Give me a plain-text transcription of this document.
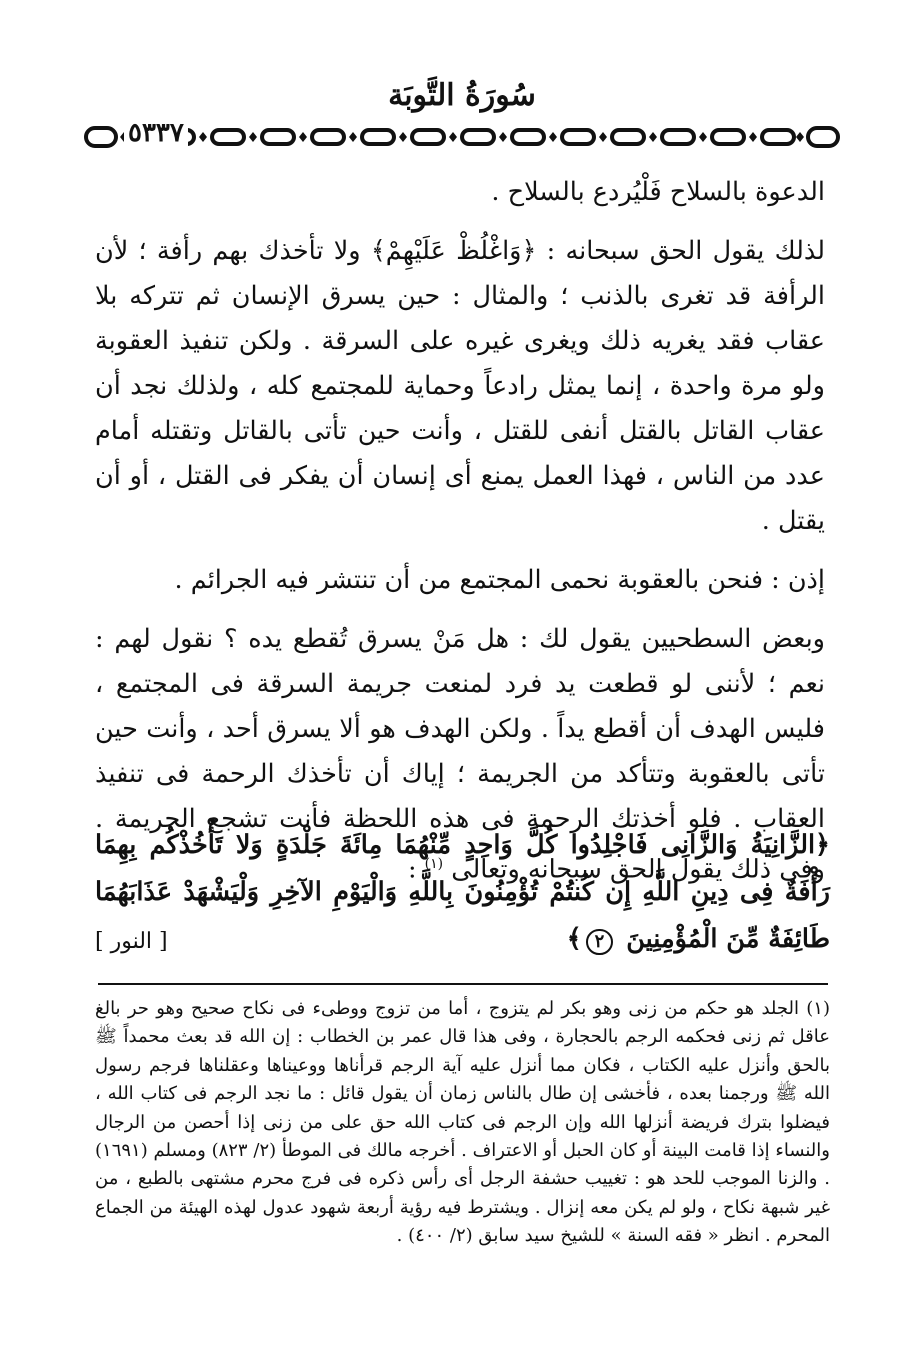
سُورَةُ التَّوبَة
٥٣٣٧

الدعوة بالسلاح فَلْيُردع بالسلاح .

لذلك يقول الحق سبحانه : ﴿وَاغْلُظْ عَلَيْهِمْ﴾ ولا تأخذك بهم رأفة ؛ لأن الرأفة قد تغرى بالذنب ؛ والمثال : حين يسرق الإنسان ثم تتركه بلا عقاب فقد يغريه ذلك ويغرى غيره على السرقة . ولكن تنفيذ العقوبة ولو مرة واحدة ، إنما يمثل رادعاً وحماية للمجتمع كله ، ولذلك نجد أن عقاب القاتل بالقتل أنفى للقتل ، وأنت حين تأتى بالقاتل وتقتله أمام عدد من الناس ، فهذا العمل يمنع أى إنسان أن يفكر فى القتل ، أو أن يقتل .

إذن : فنحن بالعقوبة نحمى المجتمع من أن تنتشر فيه الجرائم .

وبعض السطحيين يقول لك : هل مَنْ يسرق تُقطع يده ؟ نقول لهم : نعم ؛ لأننى لو قطعت يد فرد لمنعت جريمة السرقة فى المجتمع ، فليس الهدف أن أقطع يداً . ولكن الهدف هو ألا يسرق أحد ، وأنت حين تأتى بالعقوبة وتتأكد من الجريمة ؛ إياك أن تأخذك الرحمة فى تنفيذ العقاب . فلو أخذتك الرحمة فى هذه اللحظة فأنت تشجع الجريمة . وفى ذلك يقول الحق سبحانه وتعالى $^{(١)}$ :

﴿الزَّانِيَةُ وَالزَّانِى فَاجْلِدُوا كُلَّ وَاحِدٍ مِّنْهُمَا مِائَةَ جَلْدَةٍ وَلا تَأْخُذْكُم بِهِمَا رَأْفَةٌ فِى دِينِ اللَّهِ إِن كُنتُمْ تُؤْمِنُونَ بِاللَّهِ وَالْيَوْمِ الآخِرِ وَلْيَشْهَدْ عَذَابَهُمَا طَائِفَةٌ مِّنَ الْمُؤْمِنِينَ ٢﴾
[ النور ]

(١) الجلد هو حكم من زنى وهو بكر لم يتزوج ، أما من تزوج ووطىء فى نكاح صحيح وهو حر بالغ عاقل ثم زنى فحكمه الرجم بالحجارة ، وفى هذا قال عمر بن الخطاب : إن الله قد بعث محمداً ﷺ بالحق وأنزل عليه الكتاب ، فكان مما أنزل عليه آية الرجم قرأناها ووعيناها وعقلناها فرجم رسول الله ﷺ ورجمنا بعده ، فأخشى إن طال بالناس زمان أن يقول قائل : ما نجد الرجم فى كتاب الله ، فيضلوا بترك فريضة أنزلها الله وإن الرجم فى كتاب الله حق على من زنى إذا أحصن من الرجال والنساء إذا قامت البينة أو كان الحبل أو الاعتراف . أخرجه مالك فى الموطأ (٢/ ٨٢٣) ومسلم (١٦٩١) . والزنا الموجب للحد هو : تغييب حشفة الرجل أى رأس ذكره فى فرج محرم مشتهى بالطبع ، من غير شبهة نكاح ، ولو لم يكن معه إنزال . ويشترط فيه رؤية أربعة شهود عدول لهذه الهيئة من الجماع المحرم . انظر « فقه السنة » للشيخ سيد سابق (٢/ ٤٠٠) .
